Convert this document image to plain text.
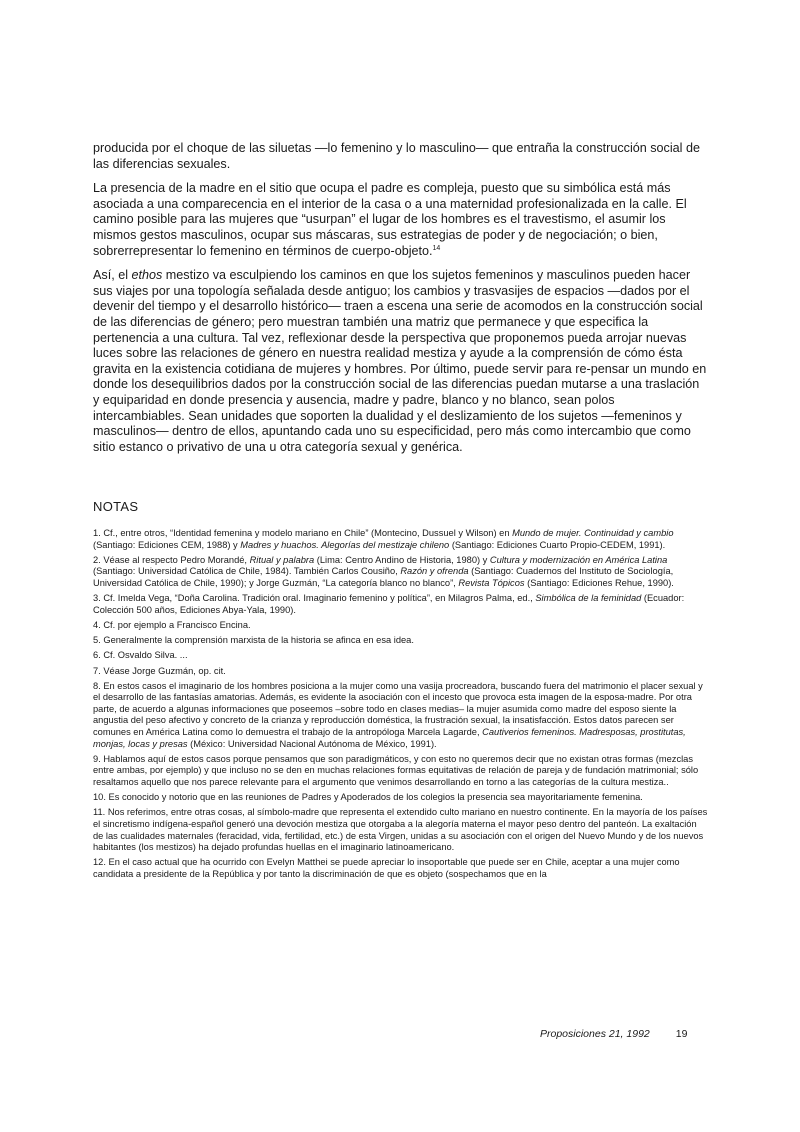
producida por el choque de las siluetas —lo femenino y lo masculino— que entraña la construcción social de las diferencias sexuales.

La presencia de la madre en el sitio que ocupa el padre es compleja, puesto que su simbólica está más asociada a una comparecencia en el interior de la casa o a una maternidad profesionalizada en la calle. El camino posible para las mujeres que “usurpan” el lugar de los hombres es el travestismo, el asumir los mismos gestos masculinos, ocupar sus máscaras, sus estrategias de poder y de negociación; o bien, sobrerrepresentar lo femenino en términos de cuerpo-objeto.$^{14}$

Así, el ethos mestizo va esculpiendo los caminos en que los sujetos femeninos y masculinos pueden hacer sus viajes por una topología señalada desde antiguo; los cambios y trasvasijes de espacios —dados por el devenir del tiempo y el desarrollo histórico— traen a escena una serie de acomodos en la construcción social de las diferencias de género; pero muestran también una matriz que permanece y que especifica la pertenencia a una cultura. Tal vez, reflexionar desde la perspectiva que proponemos pueda arrojar nuevas luces sobre las relaciones de género en nuestra realidad mestiza y ayude a la comprensión de cómo ésta gravita en la existencia cotidiana de mujeres y hombres. Por último, puede servir para re-pensar un mundo en donde los desequilibrios dados por la construcción social de las diferencias puedan mutarse a una traslación y equiparidad en donde presencia y ausencia, madre y padre, blanco y no blanco, sean polos intercambiables. Sean unidades que soporten la dualidad y el deslizamiento de los sujetos —femeninos y masculinos— dentro de ellos, apuntando cada uno su especificidad, pero más como intercambio que como sitio estanco o privativo de una u otra categoría sexual y genérica.

NOTAS

1. Cf., entre otros, “Identidad femenina y modelo mariano en Chile” (Montecino, Dussuel y Wilson) en Mundo de mujer. Continuidad y cambio (Santiago: Ediciones CEM, 1988) y Madres y huachos. Alegorías del mestizaje chileno (Santiago: Ediciones Cuarto Propio-CEDEM, 1991).

2. Véase al respecto Pedro Morandé, Ritual y palabra (Lima: Centro Andino de Historia, 1980) y Cultura y modernización en América Latina (Santiago: Universidad Católica de Chile, 1984). También Carlos Cousiño, Razón y ofrenda (Santiago: Cuadernos del Instituto de Sociología, Universidad Católica de Chile, 1990); y Jorge Guzmán, “La categoría blanco no blanco”, Revista Tópicos (Santiago: Ediciones Rehue, 1990).

3. Cf. Imelda Vega, “Doña Carolina. Tradición oral. Imaginario femenino y política”, en Milagros Palma, ed., Simbólica de la feminidad (Ecuador: Colección 500 años, Ediciones Abya-Yala, 1990).

4. Cf. por ejemplo a Francisco Encina.

5. Generalmente la comprensión marxista de la historia se afinca en esa idea.

6. Cf. Osvaldo Silva. ...

7. Véase Jorge Guzmán, op. cit.

8. En estos casos el imaginario de los hombres posiciona a la mujer como una vasija procreadora, buscando fuera del matrimonio el placer sexual y el desarrollo de las fantasías amatorias. Además, es evidente la asociación con el incesto que provoca esta imagen de la esposa-madre. Por otra parte, de acuerdo a algunas informaciones que poseemos –sobre todo en clases medias– la mujer asumida como madre del esposo siente la angustia del peso afectivo y concreto de la crianza y reproducción doméstica, la frustración sexual, la insatisfacción. Estos datos parecen ser comunes en América Latina como lo demuestra el trabajo de la antropóloga Marcela Lagarde, Cautiverios femeninos. Madresposas, prostitutas, monjas, locas y presas (México: Universidad Nacional Autónoma de México, 1991).

9. Hablamos aquí de estos casos porque pensamos que son paradigmáticos, y con esto no queremos decir que no existan otras formas (mezclas entre ambas, por ejemplo) y que incluso no se den en muchas relaciones formas equitativas de relación de pareja y de fundación matrimonial; sólo resaltamos aquello que nos parece relevante para el argumento que venimos desarrollando en torno a las categorías de la cultura mestiza..

10. Es conocido y notorio que en las reuniones de Padres y Apoderados de los colegios la presencia sea mayoritariamente femenina.

11. Nos referimos, entre otras cosas, al símbolo-madre que representa el extendido culto mariano en nuestro continente. En la mayoría de los países el sincretismo indígena-español generó una devoción mestiza que otorgaba a la alegoría materna el mayor peso dentro del panteón. La exaltación de las cualidades maternales (feracidad, vida, fertilidad, etc.) de esta Virgen, unidas a su asociación con el origen del Nuevo Mundo y de los nuevos habitantes (los mestizos) ha dejado profundas huellas en el imaginario latinoamericano.

12. En el caso actual que ha ocurrido con Evelyn Matthei se puede apreciar lo insoportable que puede ser en Chile, aceptar a una mujer como candidata a presidente de la República y por tanto la discriminación de que es objeto (sospechamos que en la

Proposiciones 21, 1992 19
